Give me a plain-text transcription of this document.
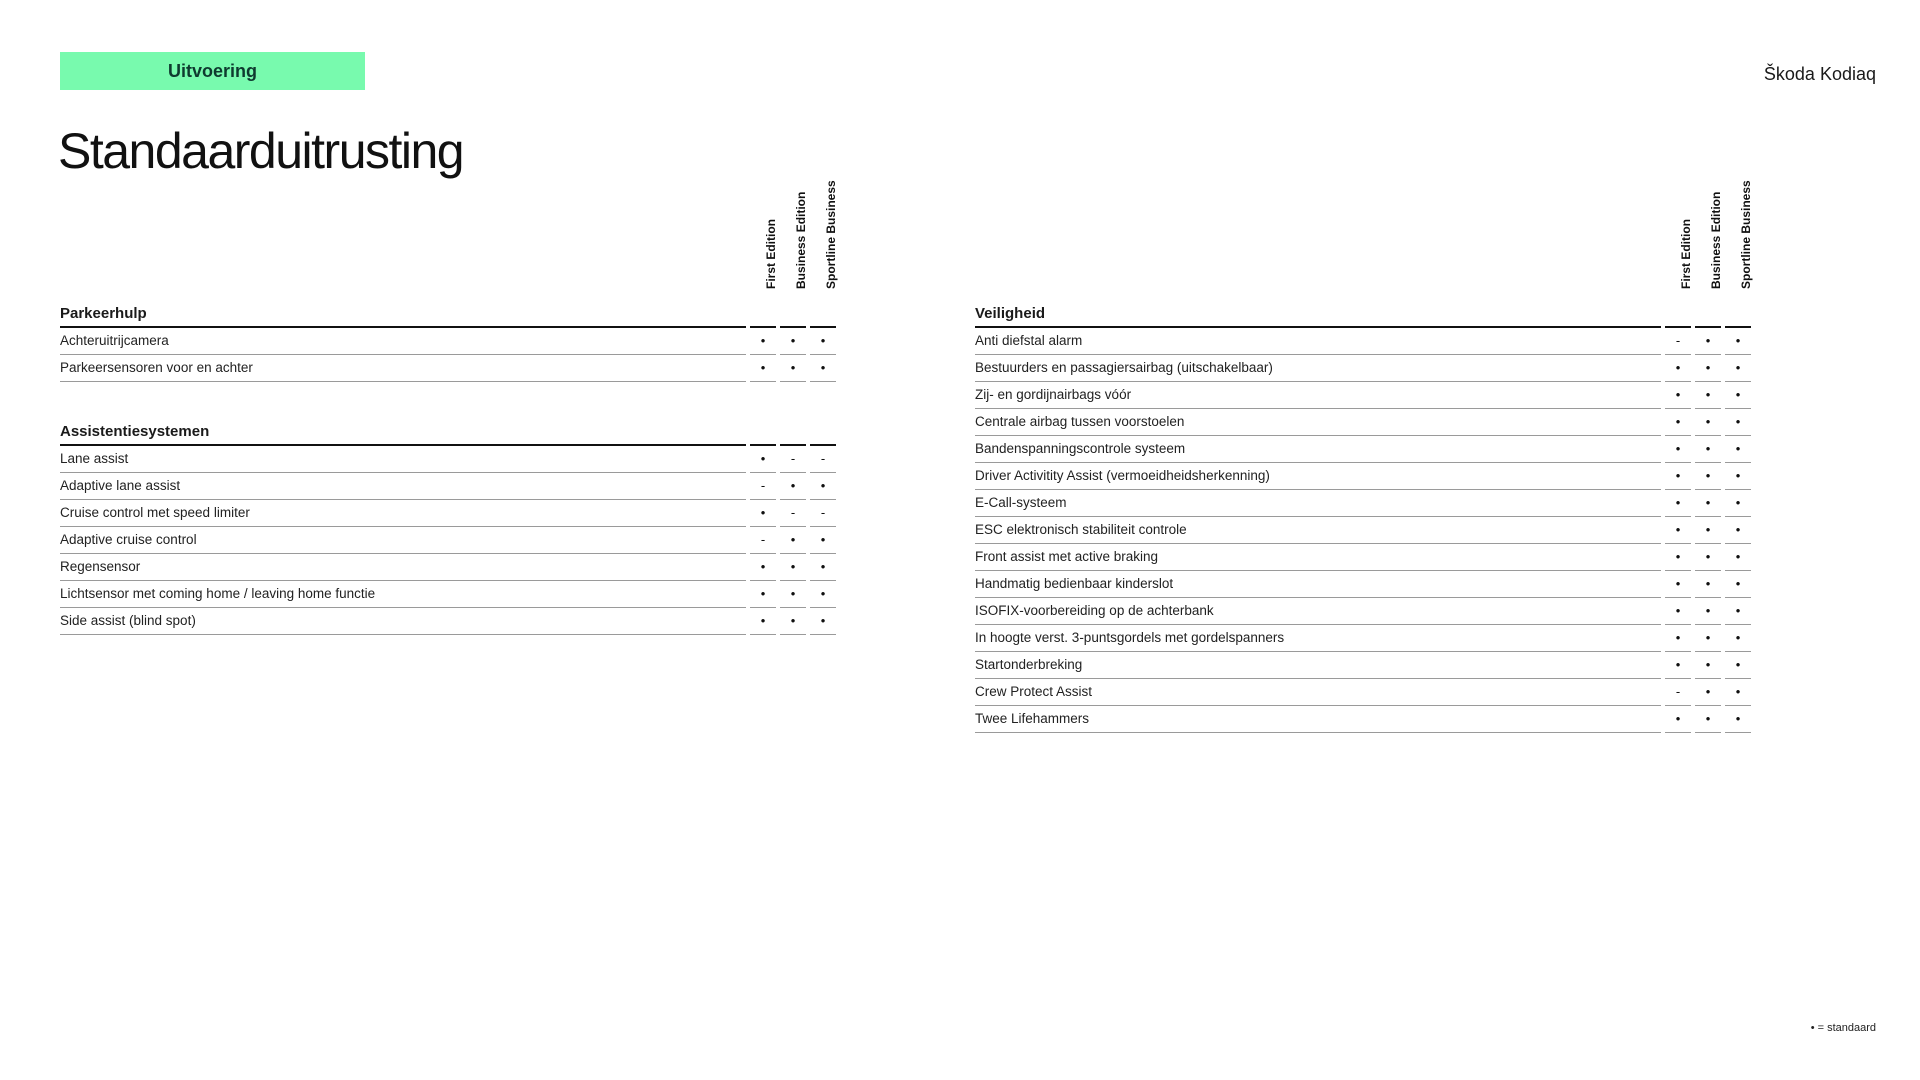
Uitvoering	Škoda Kodiaq
Standaarduitrusting
First Edition Business Edition Sportline Business
Parkeerhulp
Achteruitrijcamera	•	•	•
Parkeersensoren voor en achter	•	•	•
Assistentiesystemen
Lane assist	•	-	-
Adaptive lane assist	-	•	•
Cruise control met speed limiter	•	-	-
Adaptive cruise control	-	•	•
Regensensor	•	•	•
Lichtsensor met coming home / leaving home functie	•	•	•
Side assist (blind spot)	•	•	•
First Edition Business Edition Sportline Business
Veiligheid
Anti diefstal alarm	-	•	•
Bestuurders en passagiersairbag (uitschakelbaar)	•	•	•
Zij- en gordijnairbags vóór	•	•	•
Centrale airbag tussen voorstoelen	•	•	•
Bandenspanningscontrole systeem	•	•	•
Driver Activitity Assist (vermoeidheidsherkenning)	•	•	•
E-Call-systeem	•	•	•
ESC elektronisch stabiliteit controle	•	•	•
Front assist met active braking	•	•	•
Handmatig bedienbaar kinderslot	•	•	•
ISOFIX-voorbereiding op de achterbank	•	•	•
In hoogte verst. 3-puntsgordels met gordelspanners	•	•	•
Startonderbreking	•	•	•
Crew Protect Assist	-	•	•
Twee Lifehammers	•	•	•
• = standaard
